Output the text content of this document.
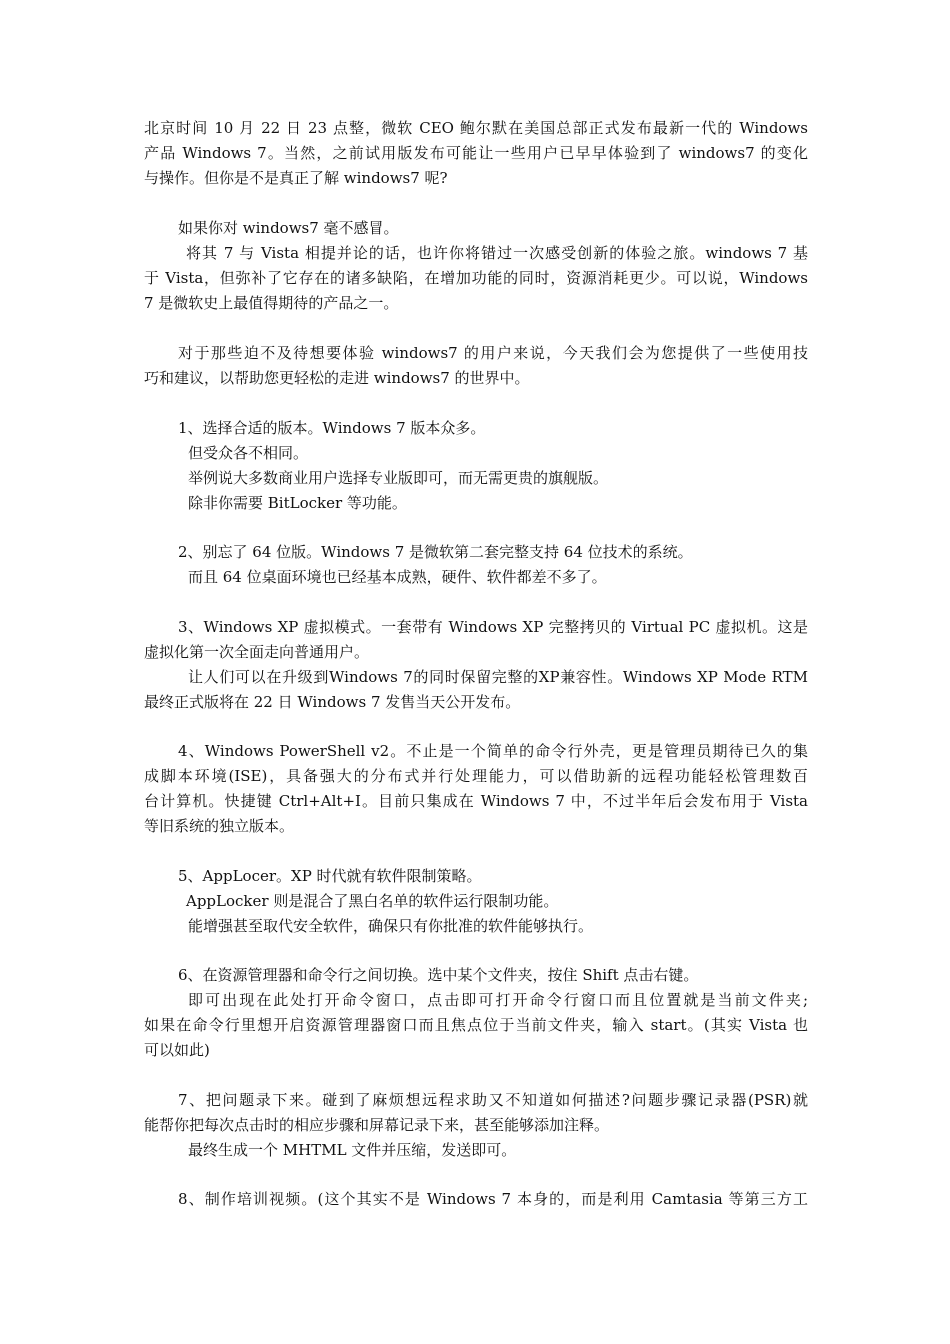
北京时间 10 月 22 日 23 点整，微软 CEO 鲍尔默在美国总部正式发布最新一代的 Windows
产品 Windows 7。当然，之前试用版发布可能让一些用户已早早体验到了 windows7 的变化
与操作。但你是不是真正了解 windows7 呢?
如果你对 windows7 毫不感冒。
将其 7 与 Vista 相提并论的话，也许你将错过一次感受创新的体验之旅。windows 7 基
于 Vista，但弥补了它存在的诸多缺陷，在增加功能的同时，资源消耗更少。可以说，Windows
7 是微软史上最值得期待的产品之一。
对于那些迫不及待想要体验 windows7 的用户来说，今天我们会为您提供了一些使用技
巧和建议，以帮助您更轻松的走进 windows7 的世界中。
1、选择合适的版本。Windows 7 版本众多。
但受众各不相同。
举例说大多数商业用户选择专业版即可，而无需更贵的旗舰版。
除非你需要 BitLocker 等功能。
2、别忘了 64 位版。Windows 7 是微软第二套完整支持 64 位技术的系统。
而且 64 位桌面环境也已经基本成熟，硬件、软件都差不多了。
3、Windows XP 虚拟模式。一套带有 Windows XP 完整拷贝的 Virtual PC 虚拟机。这是
虚拟化第一次全面走向普通用户。
让人们可以在升级到Windows 7的同时保留完整的XP兼容性。Windows XP Mode RTM
最终正式版将在 22 日 Windows 7 发售当天公开发布。
4、Windows PowerShell v2。不止是一个简单的命令行外壳，更是管理员期待已久的集
成脚本环境(ISE)，具备强大的分布式并行处理能力，可以借助新的远程功能轻松管理数百
台计算机。快捷键 Ctrl+Alt+I。目前只集成在 Windows 7 中，不过半年后会发布用于 Vista
等旧系统的独立版本。
5、AppLocer。XP 时代就有软件限制策略。
AppLocker 则是混合了黑白名单的软件运行限制功能。
能增强甚至取代安全软件，确保只有你批准的软件能够执行。
6、在资源管理器和命令行之间切换。选中某个文件夹，按住 Shift 点击右键。
即可出现在此处打开命令窗口，点击即可打开命令行窗口而且位置就是当前文件夹;
如果在命令行里想开启资源管理器窗口而且焦点位于当前文件夹，输入 start。(其实 Vista 也
可以如此)
7、把问题录下来。碰到了麻烦想远程求助又不知道如何描述?问题步骤记录器(PSR)就
能帮你把每次点击时的相应步骤和屏幕记录下来，甚至能够添加注释。
最终生成一个 MHTML 文件并压缩，发送即可。
8、制作培训视频。(这个其实不是 Windows 7 本身的，而是利用 Camtasia 等第三方工
